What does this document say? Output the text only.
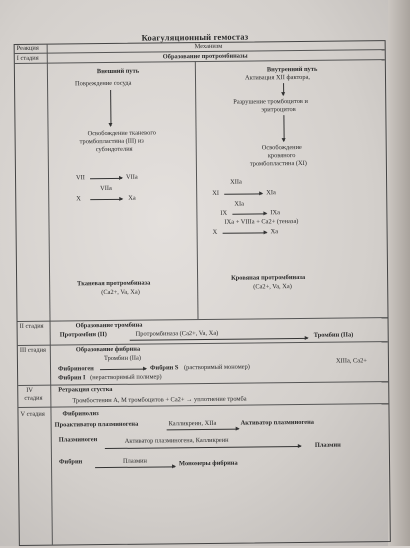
Коагуляционный гемостаз
Реакция	Механизм
I стадия	Образование протромбиназы
Внешний путь
Повреждение сосуда
Освобождение тканевого
тромбопластина (III) из
субэндотелия
VII	VIIa
VIIa
X	Xa
Тканевая протромбиназа
(Ca2+, Va, Xa)
Внутренний путь
Активация XII фактора,
Разрушение тромбоцитов и
эритроцитов
Освобождение
кровяного
тромбопластина (XI)
XIIa
XI	XIa
XIa
IX	IXa
IXa + VIIIa + Ca2+ (теназа)
X	Xa
Кровяная протромбиназа
(Ca2+, Va, Xa)
II стадия	Образование тромбина
Протромбин (II)	Протромбиназа (Ca2+, Va, Xa)	Тромбин (IIa)
III стадия	Образование фибрина
Тромбин (IIa)
Фибриноген	Фибрин S (растворимый мономер)
XIIIa, Ca2+
Фибрин I (нерастворимый полимер)
IV
стадия
Ретракция сгустка
Тромбостенин А, М тромбоцитов + Ca2+ → уплотнение тромба
V стадия	Фибринолиз
Проактиватор плазминогена	Калликреин, XIIa	Активатор плазминогена
Плазминоген	Активатор плазминогена, Калликреин
Плазмин
Фибрин	Плазмин	Мономеры фибрина
